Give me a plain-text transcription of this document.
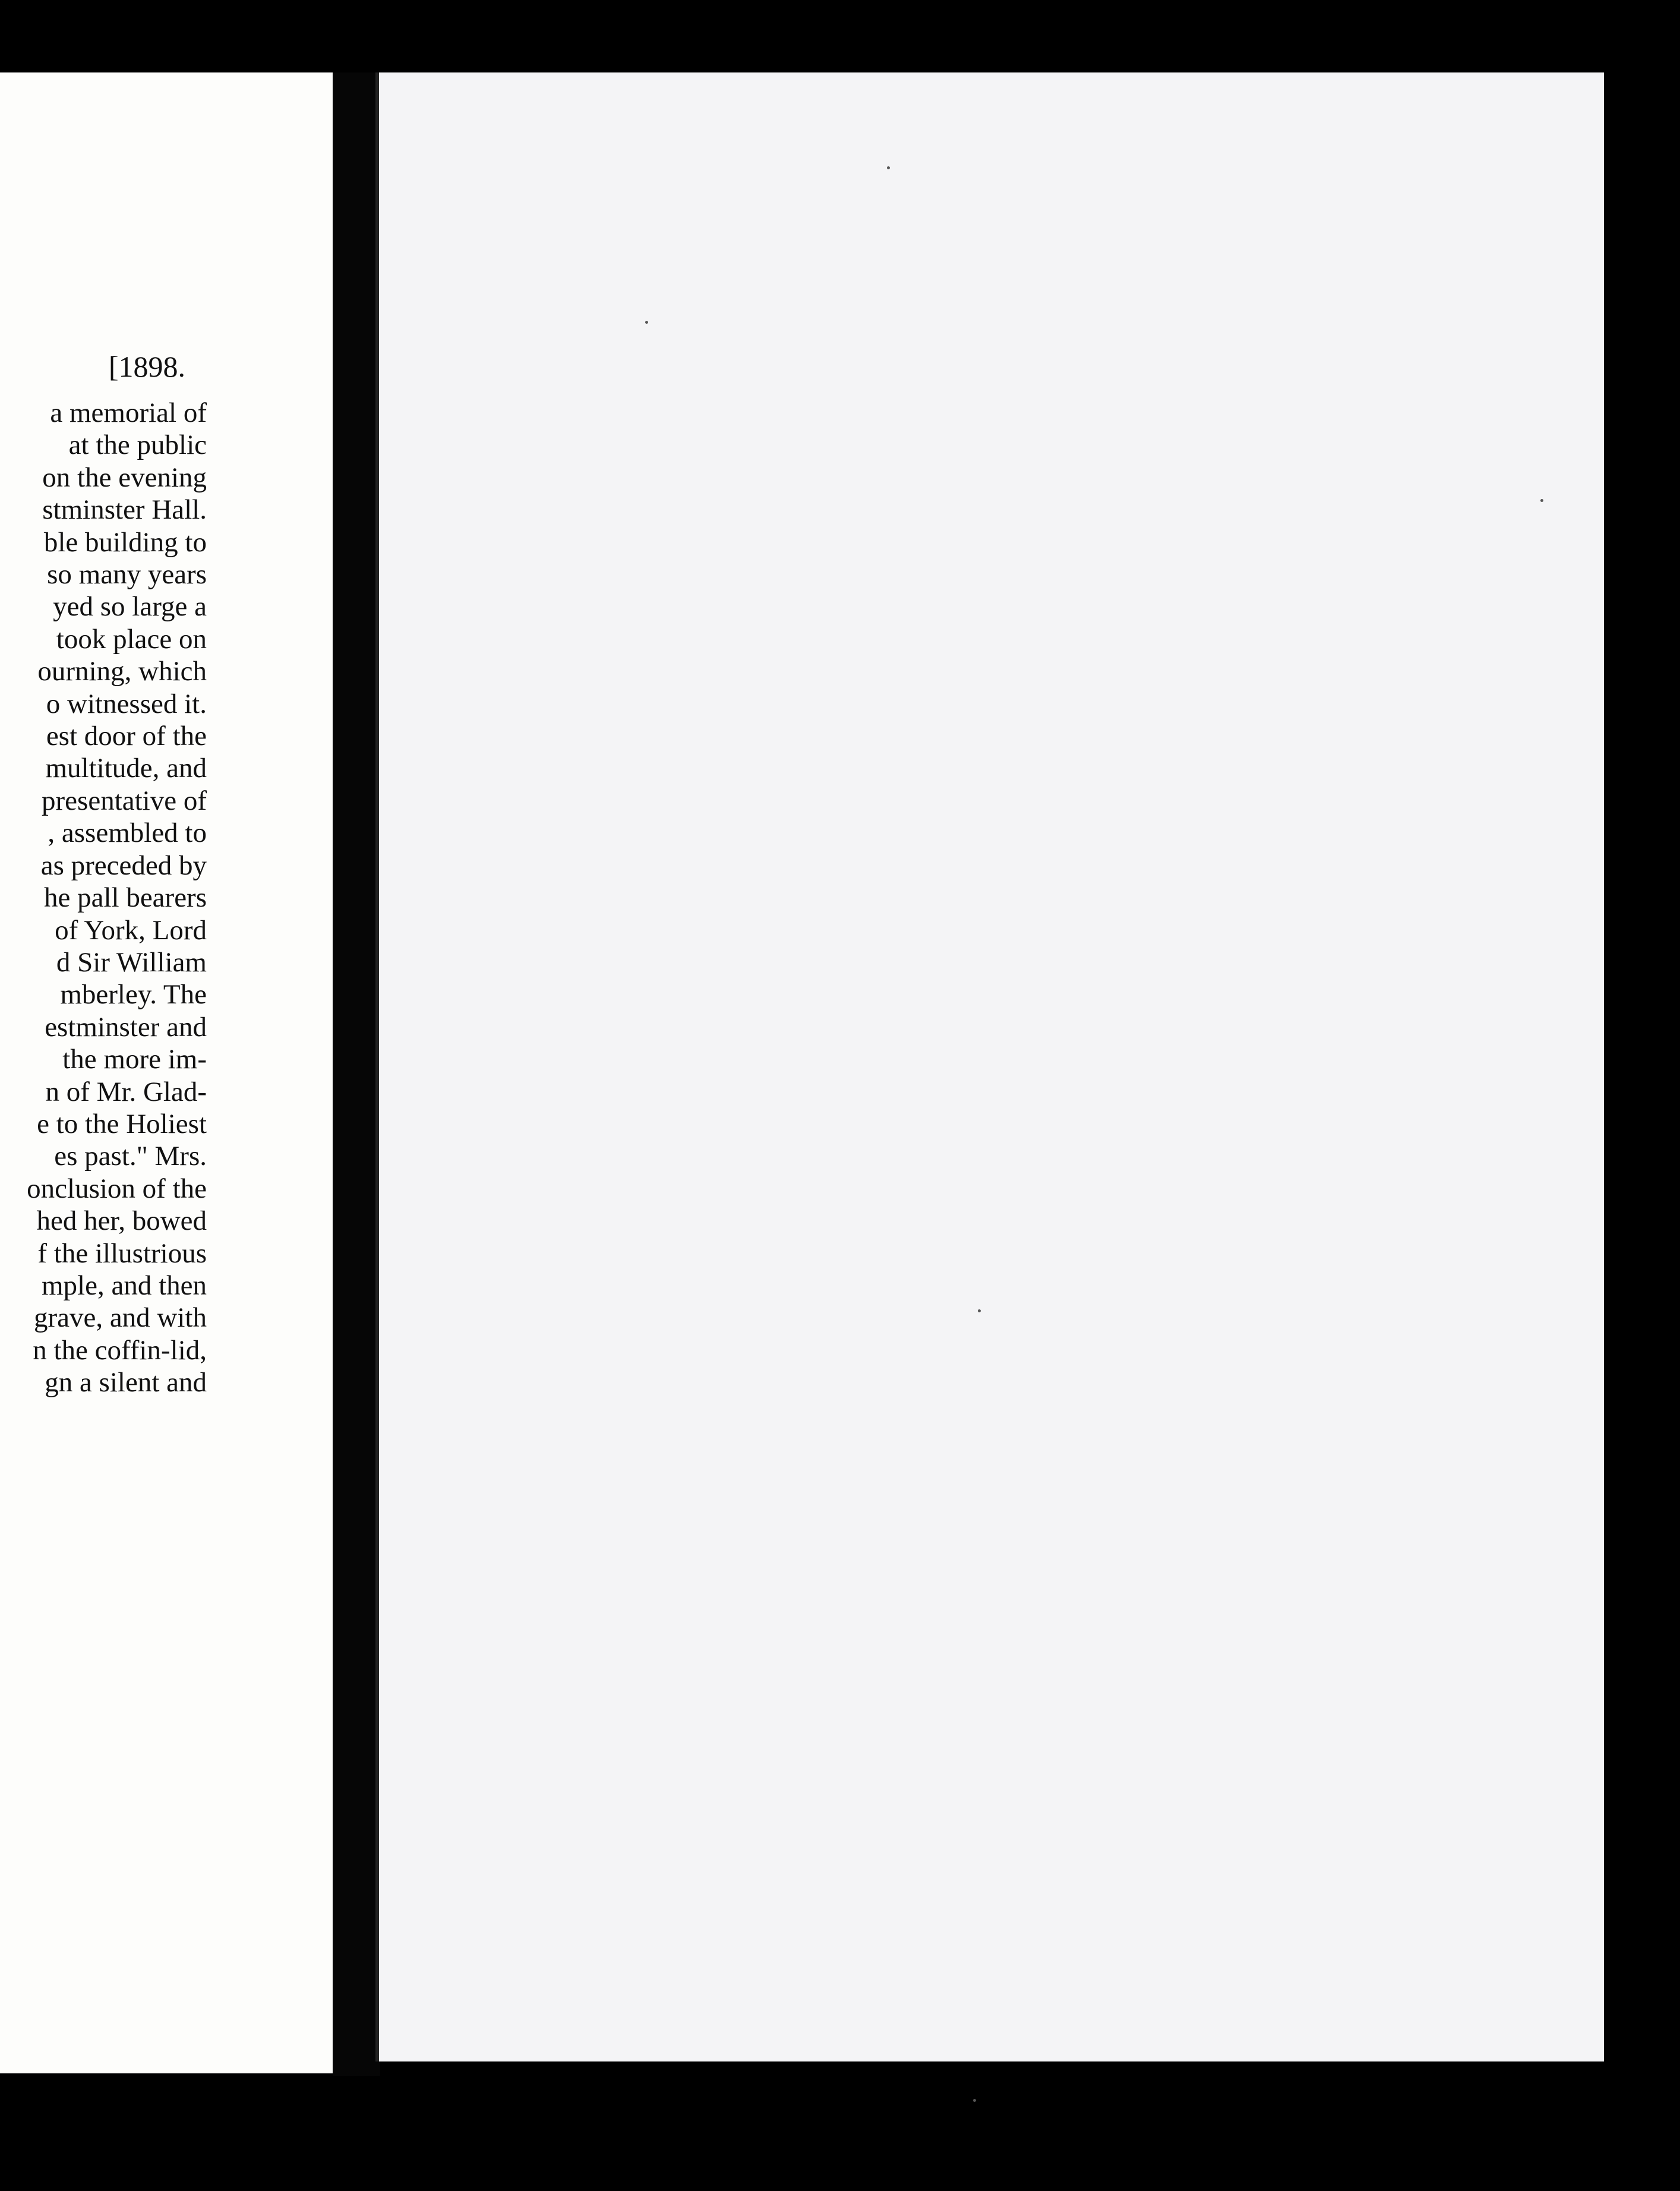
[1898.
a memorial of
at the public
on the evening
stminster Hall.
ble building to
so many years
yed so large a
took place on
ourning, which
o witnessed it.
est door of the
multitude, and
presentative of
, assembled to
as preceded by
he pall bearers
of York, Lord
d Sir William
mberley. The
estminster and
the more im-
n of Mr. Glad-
e to the Holiest
es past." Mrs.
onclusion of the
hed her, bowed
f the illustrious
mple, and then
grave, and with
n the coffin-lid,
gn a silent and
